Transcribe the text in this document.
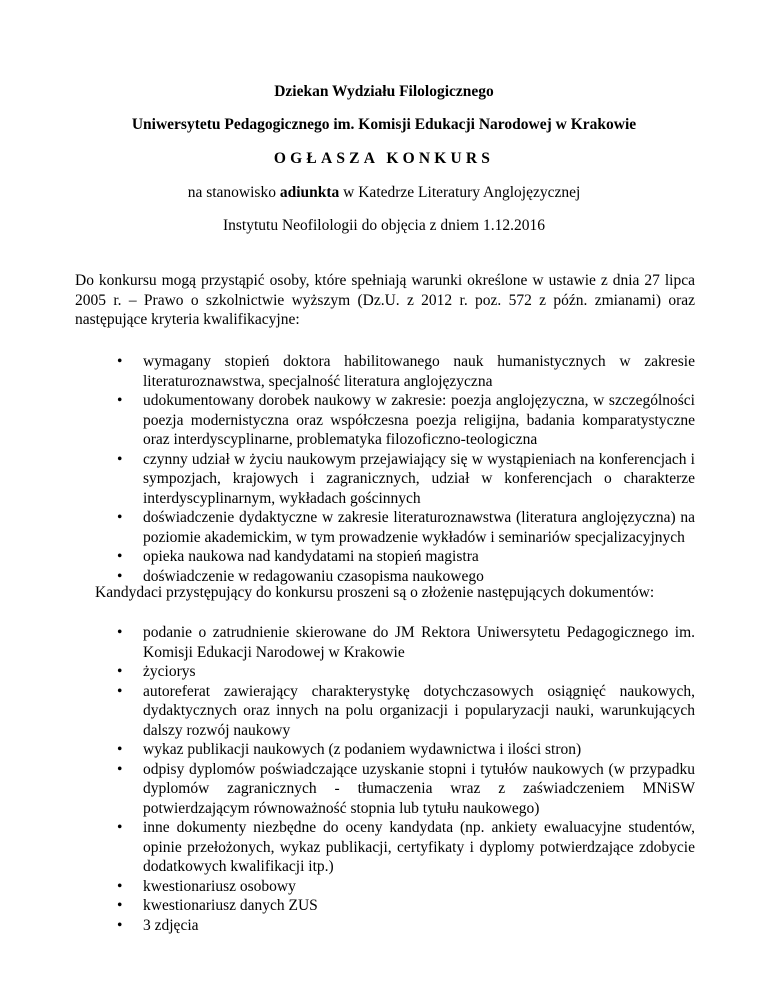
Dziekan Wydziału Filologicznego
Uniwersytetu Pedagogicznego im. Komisji Edukacji Narodowej w Krakowie
OGŁASZA KONKURS
na stanowisko adiunkta w Katedrze Literatury Anglojęzycznej
Instytutu Neofilologii do objęcia z dniem 1.12.2016

Do konkursu mogą przystąpić osoby, które spełniają warunki określone w ustawie z dnia 27 lipca 2005 r. – Prawo o szkolnictwie wyższym (Dz.U. z 2012 r. poz. 572 z późn. zmianami) oraz następujące kryteria kwalifikacyjne:

• wymagany stopień doktora habilitowanego nauk humanistycznych w zakresie literaturoznawstwa, specjalność literatura anglojęzyczna
• udokumentowany dorobek naukowy w zakresie: poezja anglojęzyczna, w szczególności poezja modernistyczna oraz współczesna poezja religijna, badania komparatystyczne oraz interdyscyplinarne, problematyka filozoficzno-teologiczna
• czynny udział w życiu naukowym przejawiający się w wystąpieniach na konferencjach i sympozjach, krajowych i zagranicznych, udział w konferencjach o charakterze interdyscyplinarnym, wykładach gościnnych
• doświadczenie dydaktyczne w zakresie literaturoznawstwa (literatura anglojęzyczna) na poziomie akademickim, w tym prowadzenie wykładów i seminariów specjalizacyjnych
• opieka naukowa nad kandydatami na stopień magistra
• doświadczenie w redagowaniu czasopisma naukowego

Kandydaci przystępujący do konkursu proszeni są o złożenie następujących dokumentów:

• podanie o zatrudnienie skierowane do JM Rektora Uniwersytetu Pedagogicznego im. Komisji Edukacji Narodowej w Krakowie
• życiorys
• autoreferat zawierający charakterystykę dotychczasowych osiągnięć naukowych, dydaktycznych oraz innych na polu organizacji i popularyzacji nauki, warunkujących dalszy rozwój naukowy
• wykaz publikacji naukowych (z podaniem wydawnictwa i ilości stron)
• odpisy dyplomów poświadczające uzyskanie stopni i tytułów naukowych (w przypadku dyplomów zagranicznych - tłumaczenia wraz z zaświadczeniem MNiSW potwierdzającym równoważność stopnia lub tytułu naukowego)
• inne dokumenty niezbędne do oceny kandydata (np. ankiety ewaluacyjne studentów, opinie przełożonych, wykaz publikacji, certyfikaty i dyplomy potwierdzające zdobycie dodatkowych kwalifikacji itp.)
• kwestionariusz osobowy
• kwestionariusz danych ZUS
• 3 zdjęcia
